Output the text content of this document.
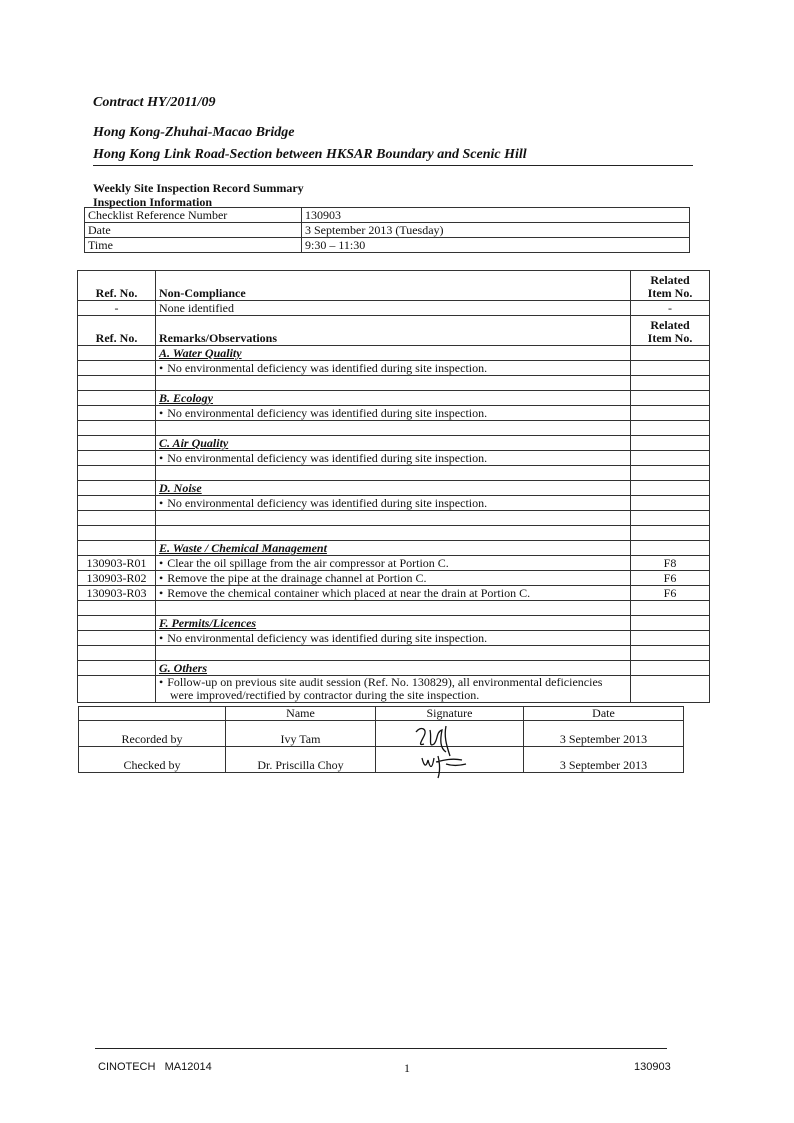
Contract HY/2011/09
Hong Kong-Zhuhai-Macao Bridge
Hong Kong Link Road-Section between HKSAR Boundary and Scenic Hill
Weekly Site Inspection Record Summary
Inspection Information
Checklist Reference Number	130903
Date	3 September 2013 (Tuesday)
Time	9:30 – 11:30
Ref. No.	Non-Compliance	Related
Item No.
-	None identified	-
Ref. No.	Remarks/Observations	Related
Item No.
	A. Water Quality	
	• No environmental deficiency was identified during site inspection.	

	B. Ecology	
	• No environmental deficiency was identified during site inspection.	

	C. Air Quality	
	• No environmental deficiency was identified during site inspection.	

	D. Noise	
	• No environmental deficiency was identified during site inspection.	

	E. Waste / Chemical Management	
130903-R01	• Clear the oil spillage from the air compressor at Portion C.	F8
130903-R02	• Remove the pipe at the drainage channel at Portion C.	F6
130903-R03	• Remove the chemical container which placed at near the drain at Portion C.	F6

	F. Permits/Licences	
	• No environmental deficiency was identified during site inspection.	

	G. Others	
	• Follow-up on previous site audit session (Ref. No. 130829), all environmental deficiencies
were improved/rectified by contractor during the site inspection.	
	Name	Signature	Date
Recorded by	Ivy Tam		3 September 2013
Checked by	Dr. Priscilla Choy		3 September 2013
CINOTECH   MA12014	1	130903
